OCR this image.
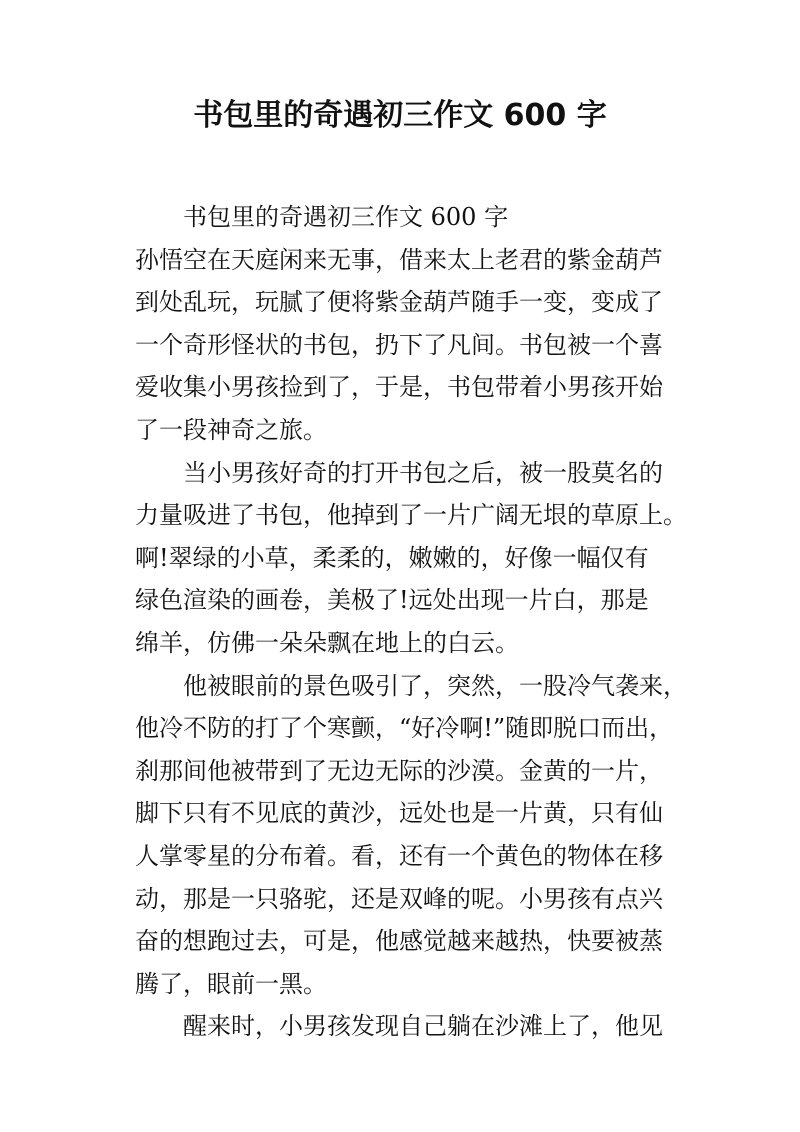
书包里的奇遇初三作文 600 字
书包里的奇遇初三作文 600 字
孙悟空在天庭闲来无事，借来太上老君的紫金葫芦
到处乱玩，玩腻了便将紫金葫芦随手一变，变成了
一个奇形怪状的书包，扔下了凡间。书包被一个喜
爱收集小男孩捡到了，于是，书包带着小男孩开始
了一段神奇之旅。
当小男孩好奇的打开书包之后，被一股莫名的
力量吸进了书包，他掉到了一片广阔无垠的草原上。
啊!翠绿的小草，柔柔的，嫩嫩的，好像一幅仅有
绿色渲染的画卷，美极了!远处出现一片白，那是
绵羊，仿佛一朵朵飘在地上的白云。
他被眼前的景色吸引了，突然，一股冷气袭来，
他冷不防的打了个寒颤，“好冷啊!”随即脱口而出，
刹那间他被带到了无边无际的沙漠。金黄的一片，
脚下只有不见底的黄沙，远处也是一片黄，只有仙
人掌零星的分布着。看，还有一个黄色的物体在移
动，那是一只骆驼，还是双峰的呢。小男孩有点兴
奋的想跑过去，可是，他感觉越来越热，快要被蒸
腾了，眼前一黑。
醒来时，小男孩发现自己躺在沙滩上了，他见
